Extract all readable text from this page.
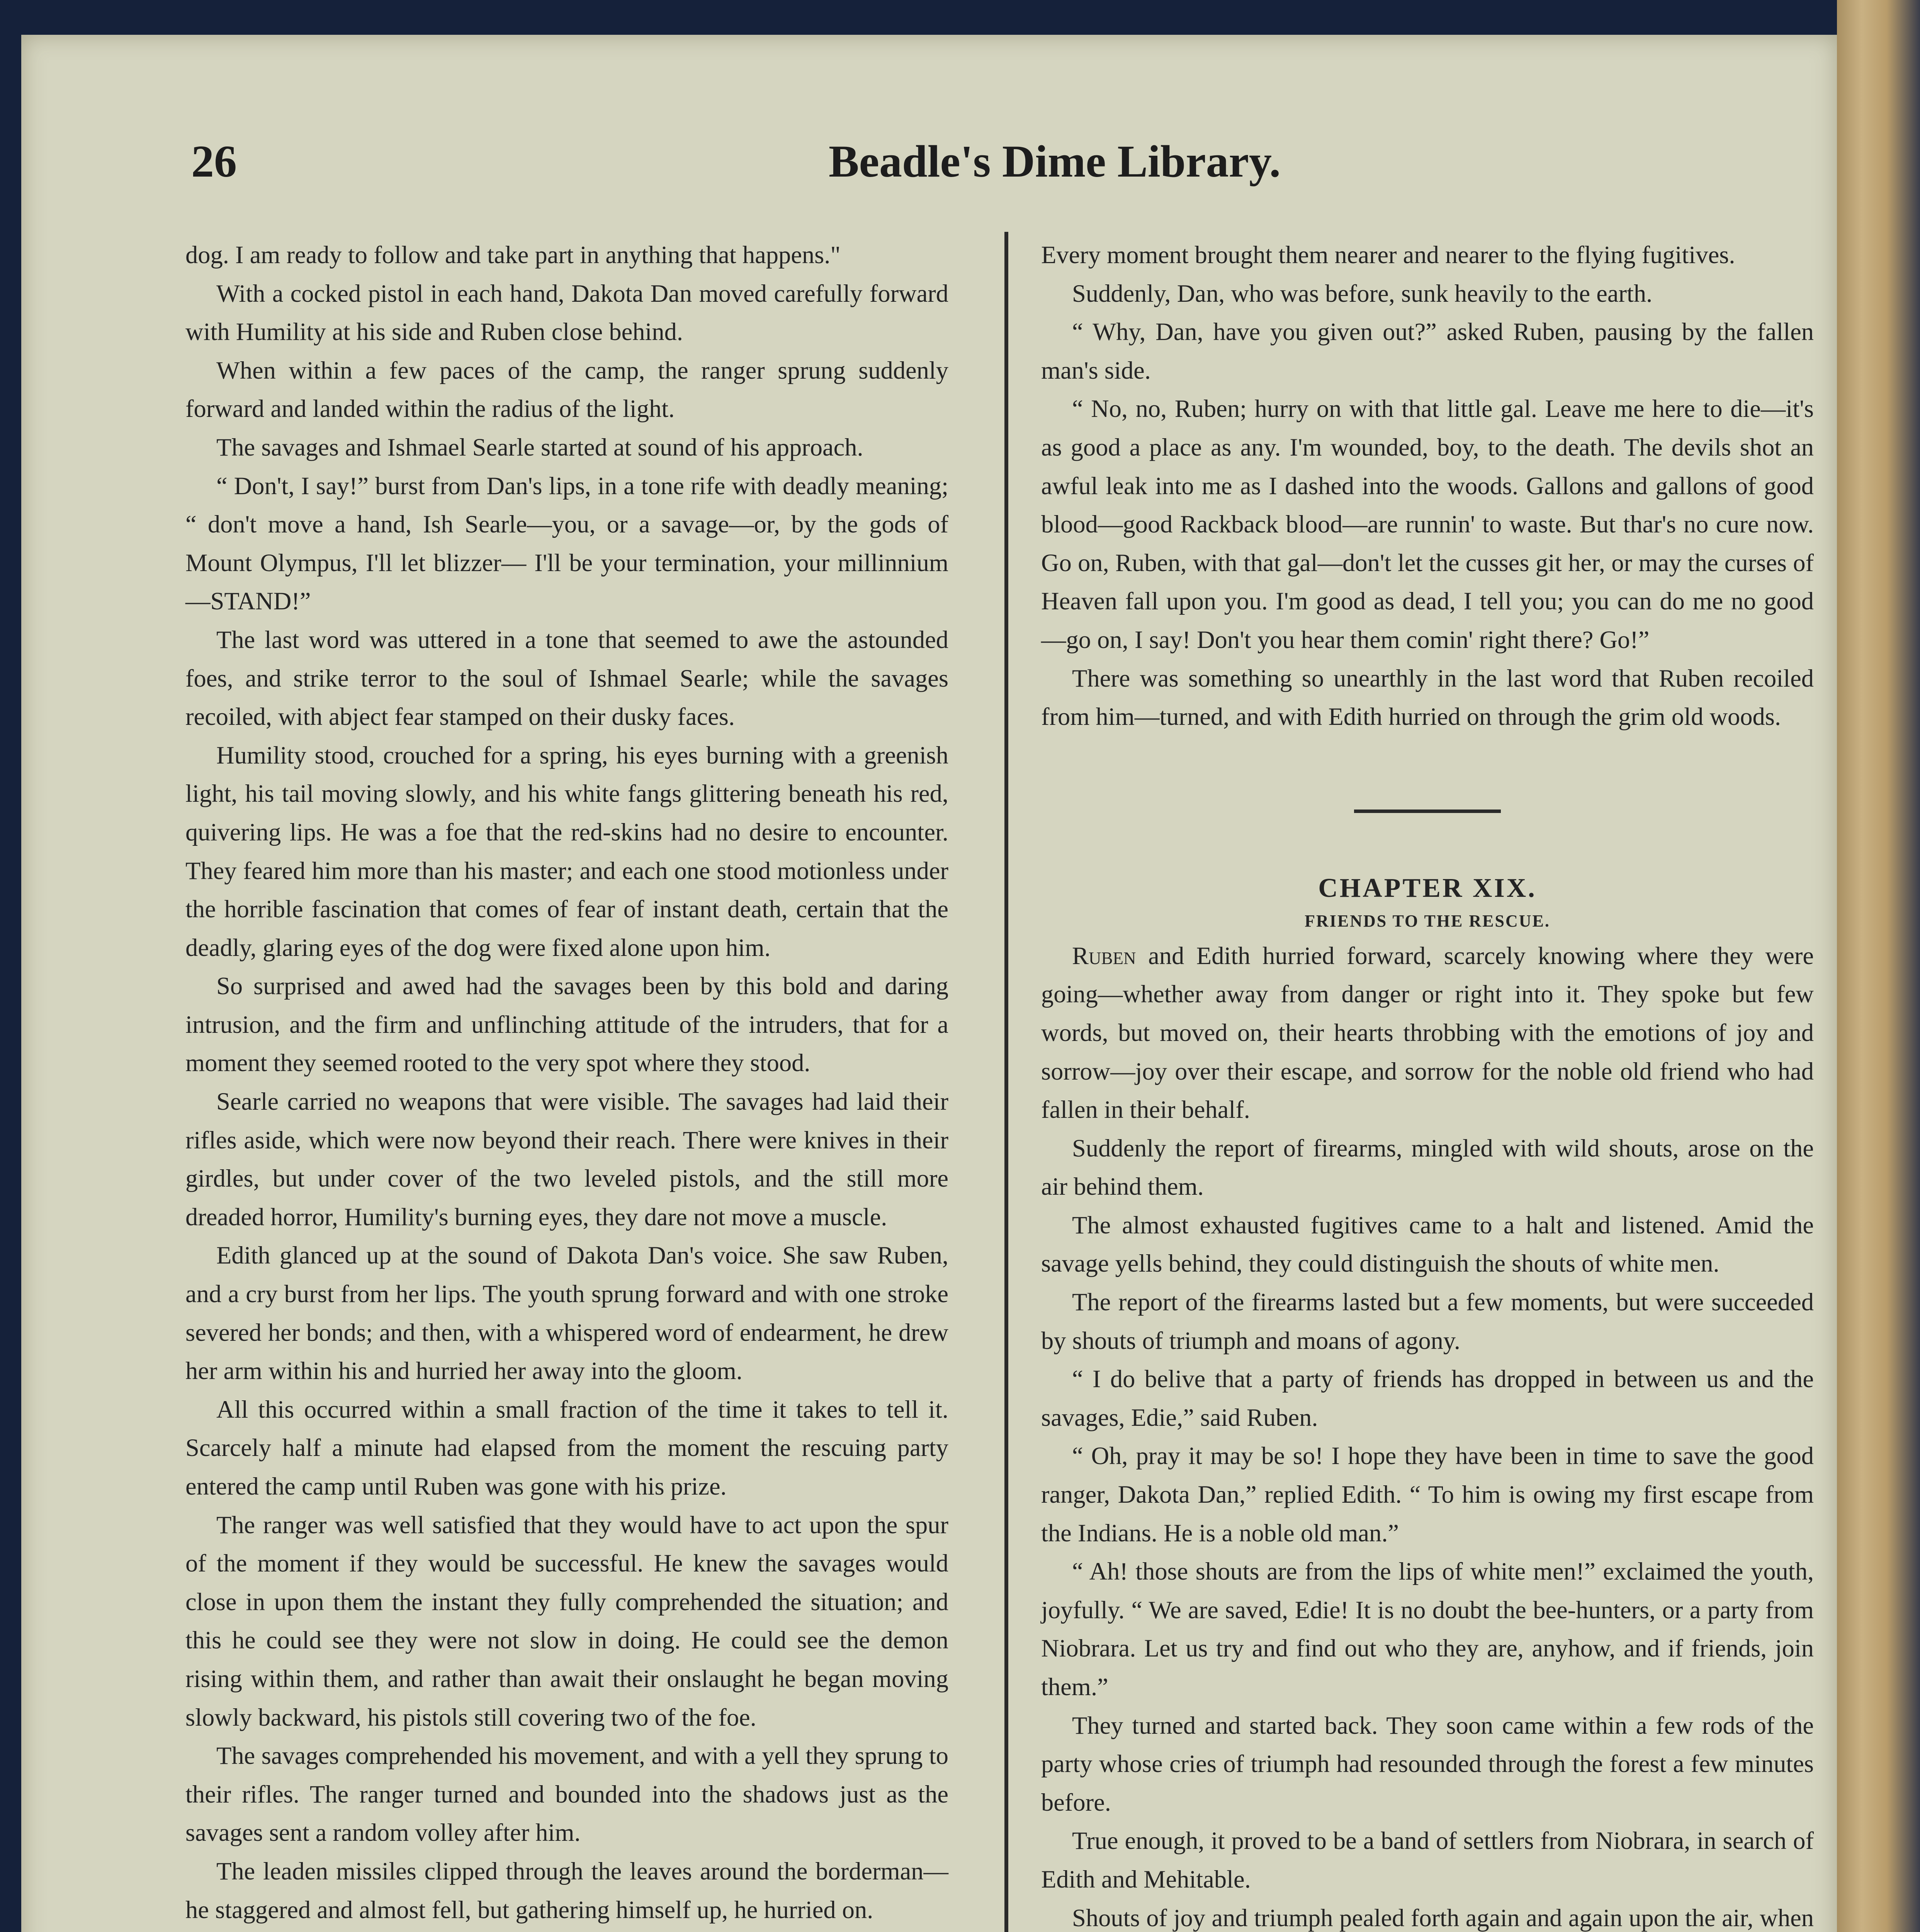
26	Beadle's Dime Library.

dog. I am ready to follow and take part in anything that happens."

With a cocked pistol in each hand, Dakota Dan moved carefully forward with Humility at his side and Ruben close behind.

When within a few paces of the camp, the ranger sprung suddenly forward and landed within the radius of the light.

The savages and Ishmael Searle started at sound of his approach.

“ Don't, I say!” burst from Dan's lips, in a tone rife with deadly meaning; “ don't move a hand, Ish Searle—you, or a savage—or, by the gods of Mount Olympus, I'll let blizzer— I'll be your termination, your millinnium—STAND!”

The last word was uttered in a tone that seemed to awe the astounded foes, and strike terror to the soul of Ishmael Searle; while the savages recoiled, with abject fear stamped on their dusky faces.

Humility stood, crouched for a spring, his eyes burning with a greenish light, his tail moving slowly, and his white fangs glittering beneath his red, quivering lips. He was a foe that the red-skins had no desire to encounter. They feared him more than his master; and each one stood motionless under the horrible fascination that comes of fear of instant death, certain that the deadly, glaring eyes of the dog were fixed alone upon him.

So surprised and awed had the savages been by this bold and daring intrusion, and the firm and unflinching attitude of the intruders, that for a moment they seemed rooted to the very spot where they stood.

Searle carried no weapons that were visible. The savages had laid their rifles aside, which were now beyond their reach. There were knives in their girdles, but under cover of the two leveled pistols, and the still more dreaded horror, Humility's burning eyes, they dare not move a muscle.

Edith glanced up at the sound of Dakota Dan's voice. She saw Ruben, and a cry burst from her lips. The youth sprung forward and with one stroke severed her bonds; and then, with a whispered word of endearment, he drew her arm within his and hurried her away into the gloom.

All this occurred within a small fraction of the time it takes to tell it. Scarcely half a minute had elapsed from the moment the rescuing party entered the camp until Ruben was gone with his prize.

The ranger was well satisfied that they would have to act upon the spur of the moment if they would be successful. He knew the savages would close in upon them the instant they fully comprehended the situation; and this he could see they were not slow in doing. He could see the demon rising within them, and rather than await their onslaught he began moving slowly backward, his pistols still covering two of the foe.

The savages comprehended his movement, and with a yell they sprung to their rifles. The ranger turned and bounded into the shadows just as the savages sent a random volley after him.

The leaden missiles clipped through the leaves around the borderman—he staggered and almost fell, but gathering himself up, he hurried on.

Every moment brought them nearer and nearer to the flying fugitives.

Suddenly, Dan, who was before, sunk heavily to the earth.

“ Why, Dan, have you given out?” asked Ruben, pausing by the fallen man's side.

“ No, no, Ruben; hurry on with that little gal. Leave me here to die—it's as good a place as any. I'm wounded, boy, to the death. The devils shot an awful leak into me as I dashed into the woods. Gallons and gallons of good blood—good Rackback blood—are runnin' to waste. But thar's no cure now. Go on, Ruben, with that gal—don't let the cusses git her, or may the curses of Heaven fall upon you. I'm good as dead, I tell you; you can do me no good —go on, I say! Don't you hear them comin' right there? Go!”

There was something so unearthly in the last word that Ruben recoiled from him—turned, and with Edith hurried on through the grim old woods.

CHAPTER XIX.
FRIENDS TO THE RESCUE.

Ruben and Edith hurried forward, scarcely knowing where they were going—whether away from danger or right into it. They spoke but few words, but moved on, their hearts throbbing with the emotions of joy and sorrow—joy over their escape, and sorrow for the noble old friend who had fallen in their behalf.

Suddenly the report of firearms, mingled with wild shouts, arose on the air behind them.

The almost exhausted fugitives came to a halt and listened. Amid the savage yells behind, they could distinguish the shouts of white men.

The report of the firearms lasted but a few moments, but were succeeded by shouts of triumph and moans of agony.

“ I do belive that a party of friends has dropped in between us and the savages, Edie,” said Ruben.

“ Oh, pray it may be so! I hope they have been in time to save the good ranger, Dakota Dan,” replied Edith. “ To him is owing my first escape from the Indians. He is a noble old man.”

“ Ah! those shouts are from the lips of white men!” exclaimed the youth, joyfully. “ We are saved, Edie! It is no doubt the bee-hunters, or a party from Niobrara. Let us try and find out who they are, anyhow, and if friends, join them.”

They turned and started back. They soon came within a few rods of the party whose cries of triumph had resounded through the forest a few minutes before.

True enough, it proved to be a band of settlers from Niobrara, in search of Edith and Mehitable.

Shouts of joy and triumph pealed forth again and again upon the air, when
